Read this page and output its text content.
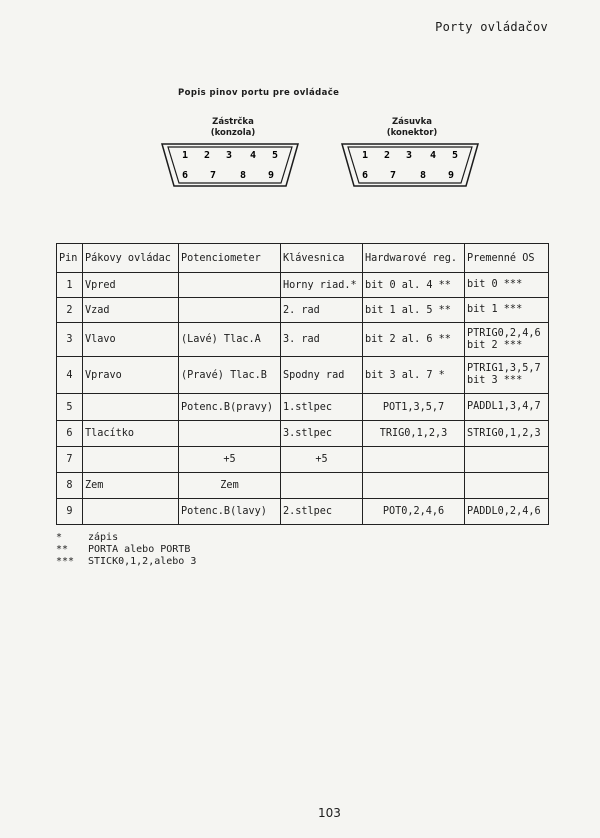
Porty ovládačov
Popis pinov portu pre ovládače
Zástrčka
(konzola)
Zásuvka
(konektor)
1 2 3 4 5
6 7 8 9
1 2 3 4 5
6 7 8 9
Pin	Pákovy ovládac	Potenciometer	Klávesnica	Hardwarové reg.	Premenné OS
1	Vpred		Horny riad.*	bit 0 al. 4 **	bit 0 ***

2	Vzad		2. rad	bit 1 al. 5 **	bit 1 ***

3	Vlavo	(Lavé) Tlac.A	3. rad	bit 2 al. 6 **	PTRIG0,2,4,6
bit 2 ***

4	Vpravo	(Pravé) Tlac.B	Spodny rad	bit 3 al. 7 *	PTRIG1,3,5,7
bit 3 ***

5		Potenc.B(pravy)	1.stlpec	POT1,3,5,7	PADDL1,3,4,7

6	Tlacítko		3.stlpec	TRIG0,1,2,3	STRIG0,1,2,3

7		+5	+5		

8	Zem	Zem			

9		Potenc.B(lavy)	2.stlpec	POT0,2,4,6	PADDL0,2,4,6
*	zápis
**	PORTA alebo PORTB
***	STICK0,1,2,alebo 3
103
